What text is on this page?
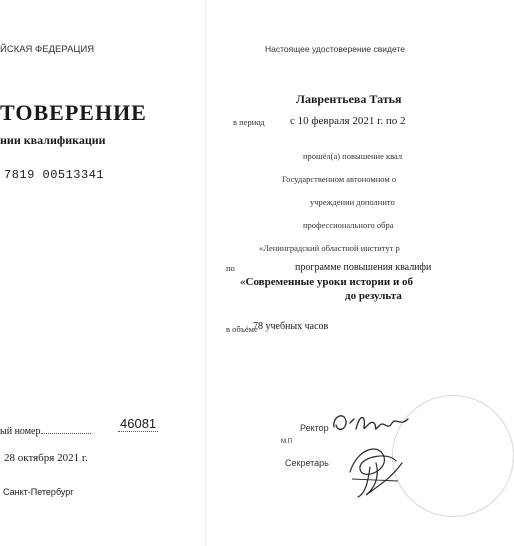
ЙСКАЯ ФЕДЕРАЦИЯ
ТОВЕРЕНИЕ
нии квалификации
7819 00513341
ый номер
46081
28 октября 2021 г.
Санкт-Петербург
Настоящее удостоверение свидете
Лаврентьева Татья
в период с 10 февраля 2021 г. по 2
прошёл(а) повышение квал
Государственном автономном о
учреждении дополнито
профессионального обра
«Ленинградский областной институт р
по	программе повышения квалифи
«Современные уроки истории и об
до результа
в объёме
78 учебных часов
М.П
Ректор
Секретарь
